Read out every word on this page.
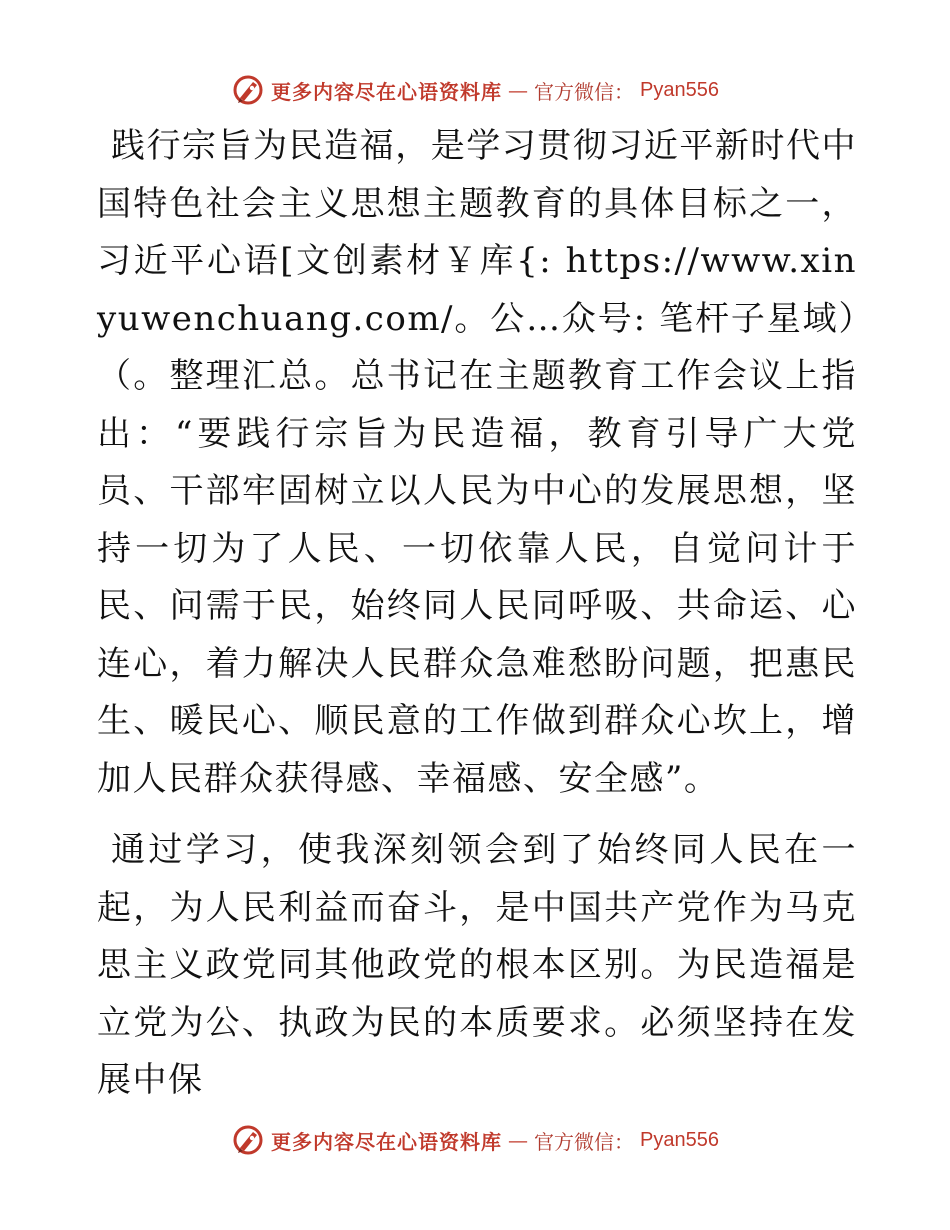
更多内容尽在心语资料库 — 官方微信： Pyan556

践行宗旨为民造福，是学习贯彻习近平新时代中国特色社会主义思想主题教育的具体目标之一，习近平心语[文创素材￥库{: https://www.xinyuwenchuang.com/。公…众号: 笔杆子星域）（。整理汇总。总书记在主题教育工作会议上指出：“要践行宗旨为民造福，教育引导广大党员、干部牢固树立以人民为中心的发展思想，坚持一切为了人民、一切依靠人民，自觉问计于民、问需于民，始终同人民同呼吸、共命运、心连心，着力解决人民群众急难愁盼问题，把惠民生、暖民心、顺民意的工作做到群众心坎上，增加人民群众获得感、幸福感、安全感”。

通过学习，使我深刻领会到了始终同人民在一起，为人民利益而奋斗，是中国共产党作为马克思主义政党同其他政党的根本区别。为民造福是立党为公、执政为民的本质要求。必须坚持在发展中保

更多内容尽在心语资料库 — 官方微信： Pyan556
